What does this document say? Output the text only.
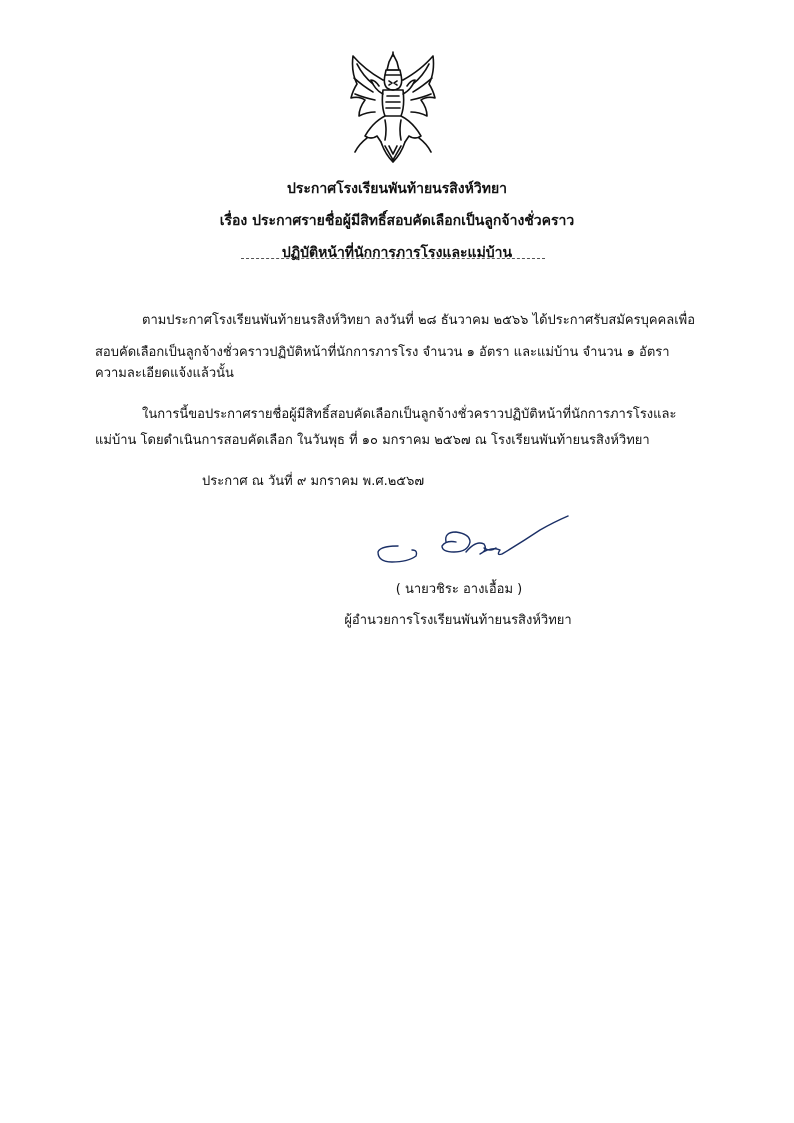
ประกาศโรงเรียนพันท้ายนรสิงห์วิทยา
เรื่อง ประกาศรายชื่อผู้มีสิทธิ์สอบคัดเลือกเป็นลูกจ้างชั่วคราว
ปฏิบัติหน้าที่นักการภารโรงและแม่บ้าน
ตามประกาศโรงเรียนพันท้ายนรสิงห์วิทยา ลงวันที่ ๒๘ ธันวาคม ๒๕๖๖ ได้ประกาศรับสมัครบุคคลเพื่อ
สอบคัดเลือกเป็นลูกจ้างชั่วคราวปฏิบัติหน้าที่นักการภารโรง จำนวน ๑ อัตรา และแม่บ้าน จำนวน ๑ อัตรา
ความละเอียดแจ้งแล้วนั้น
ในการนี้ขอประกาศรายชื่อผู้มีสิทธิ์สอบคัดเลือกเป็นลูกจ้างชั่วคราวปฏิบัติหน้าที่นักการภารโรงและ
แม่บ้าน โดยดำเนินการสอบคัดเลือก ในวันพุธ ที่ ๑๐ มกราคม ๒๕๖๗ ณ โรงเรียนพันท้ายนรสิงห์วิทยา
ประกาศ ณ วันที่ ๙ มกราคม พ.ศ.๒๕๖๗
( นายวชิระ อางเอื้อม )
ผู้อำนวยการโรงเรียนพันท้ายนรสิงห์วิทยา
